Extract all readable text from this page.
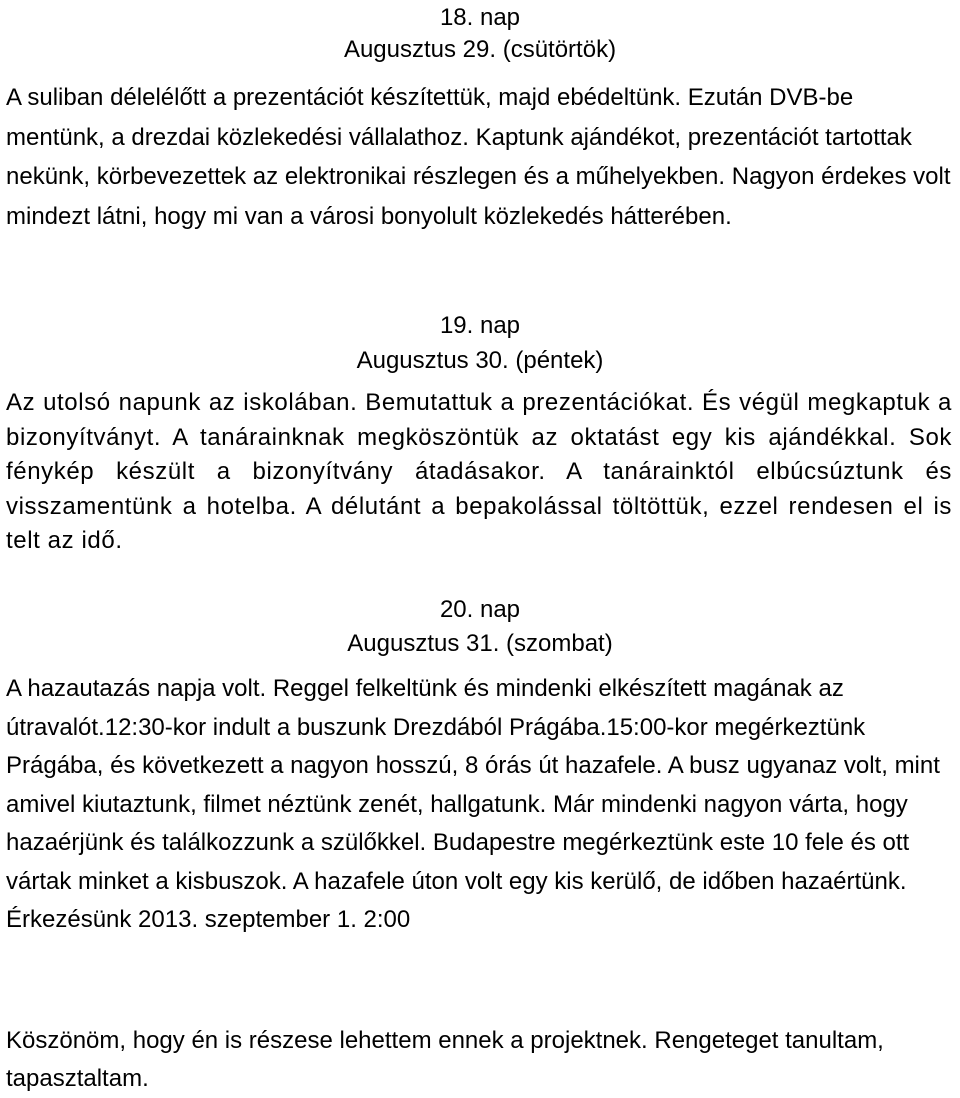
18. nap

Augusztus 29. (csütörtök)

A suliban délelélőtt a prezentációt készítettük, majd ebédeltünk. Ezután DVB-be mentünk, a drezdai közlekedési vállalathoz. Kaptunk ajándékot, prezentációt tartottak nekünk, körbevezettek az elektronikai részlegen és a műhelyekben. Nagyon érdekes volt mindezt látni, hogy mi van a városi bonyolult közlekedés hátterében.

19. nap

Augusztus 30. (péntek)

Az utolsó napunk az iskolában. Bemutattuk a prezentációkat. És végül megkaptuk a bizonyítványt. A tanárainknak megköszöntük az oktatást egy kis ajándékkal. Sok fénykép készült a bizonyítvány átadásakor. A tanárainktól elbúcsúztunk és visszamentünk a hotelba. A délutánt a bepakolással töltöttük, ezzel rendesen el is telt az idő.

20. nap

Augusztus 31. (szombat)

A hazautazás napja volt. Reggel felkeltünk és mindenki elkészített magának az útravalót.12:30-kor indult a buszunk Drezdából Prágába.15:00-kor megérkeztünk Prágába, és következett a nagyon hosszú, 8 órás út hazafele. A busz ugyanaz volt, mint amivel kiutaztunk, filmet néztünk zenét, hallgatunk. Már mindenki nagyon várta, hogy hazaérjünk és találkozzunk a szülőkkel. Budapestre megérkeztünk este 10 fele és ott vártak minket a kisbuszok. A hazafele úton volt egy kis kerülő, de időben hazaértünk. Érkezésünk 2013. szeptember 1. 2:00

Köszönöm, hogy én is részese lehettem ennek a projektnek. Rengeteget tanultam, tapasztaltam.
